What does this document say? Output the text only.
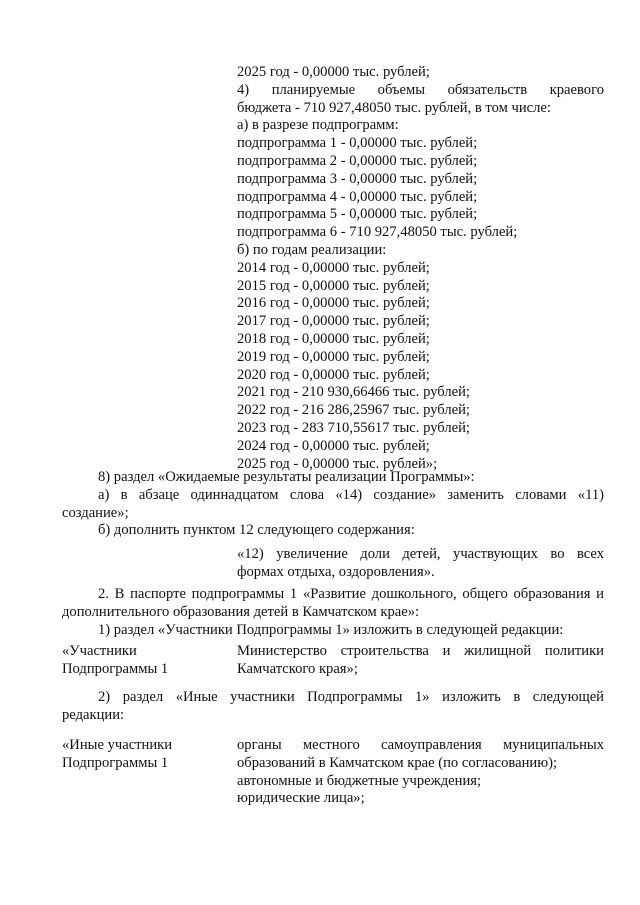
2025 год - 0,00000 тыс. рублей;
4) планируемые объемы обязательств краевого
бюджета - 710 927,48050 тыс. рублей, в том числе:
а) в разрезе подпрограмм:
подпрограмма 1 - 0,00000 тыс. рублей;
подпрограмма 2 - 0,00000 тыс. рублей;
подпрограмма 3 - 0,00000 тыс. рублей;
подпрограмма 4 - 0,00000 тыс. рублей;
подпрограмма 5 - 0,00000 тыс. рублей;
подпрограмма 6 - 710 927,48050 тыс. рублей;
б) по годам реализации:
2014 год - 0,00000 тыс. рублей;
2015 год - 0,00000 тыс. рублей;
2016 год - 0,00000 тыс. рублей;
2017 год - 0,00000 тыс. рублей;
2018 год - 0,00000 тыс. рублей;
2019 год - 0,00000 тыс. рублей;
2020 год - 0,00000 тыс. рублей;
2021 год - 210 930,66466 тыс. рублей;
2022 год - 216 286,25967 тыс. рублей;
2023 год - 283 710,55617 тыс. рублей;
2024 год - 0,00000 тыс. рублей;
2025 год - 0,00000 тыс. рублей»;
8) раздел «Ожидаемые результаты реализации Программы»:
а) в абзаце одиннадцатом слова «14) создание» заменить словами «11)
создание»;
б) дополнить пунктом 12 следующего содержания:
«12) увеличение доли детей, участвующих во всех
формах отдыха, оздоровления».
2. В паспорте подпрограммы 1 «Развитие дошкольного, общего образования и
дополнительного образования детей в Камчатском крае»:
1) раздел «Участники Подпрограммы 1» изложить в следующей редакции:
«Участники
Подпрограммы 1
Министерство строительства и жилищной политики
Камчатского края»;
2) раздел «Иные участники Подпрограммы 1» изложить в следующей
редакции:
«Иные участники
Подпрограммы 1
органы местного самоуправления муниципальных
образований в Камчатском крае (по согласованию);
автономные и бюджетные учреждения;
юридические лица»;
